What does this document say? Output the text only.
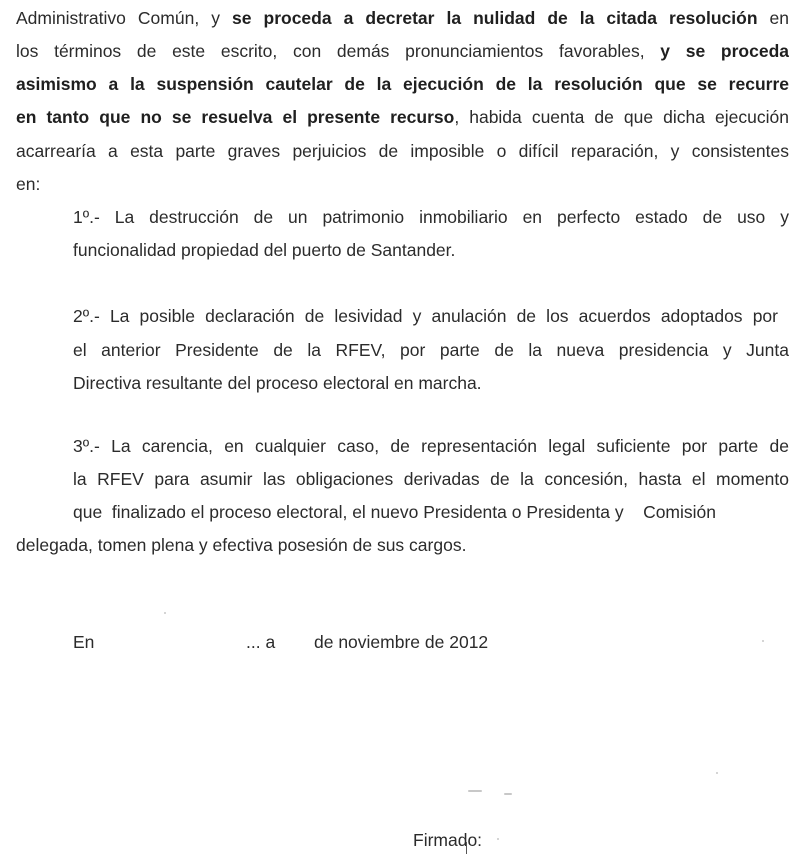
Administrativo Común, y se proceda a decretar la nulidad de la citada resolución en
los términos de este escrito, con demás pronunciamientos favorables, y se proceda
asimismo a la suspensión cautelar de la ejecución de la resolución que se recurre
en tanto que no se resuelva el presente recurso, habida cuenta de que dicha ejecución
acarrearía a esta parte graves perjuicios de imposible o difícil reparación, y consistentes
en:
1º.- La destrucción de un patrimonio inmobiliario en perfecto estado de uso y
funcionalidad propiedad del puerto de Santander.
2º.- La posible declaración de lesividad y anulación de los acuerdos adoptados por
el anterior Presidente de la RFEV, por parte de la nueva presidencia y Junta
Directiva resultante del proceso electoral en marcha.
3º.- La carencia, en cualquier caso, de representación legal suficiente por parte de
la RFEV para asumir las obligaciones derivadas de la concesión, hasta el momento
que  finalizado el proceso electoral, el nuevo Presidenta o Presidenta y    Comisión
delegada, tomen plena y efectiva posesión de sus cargos.
En	... a de noviembre de 2012
Firmado:
